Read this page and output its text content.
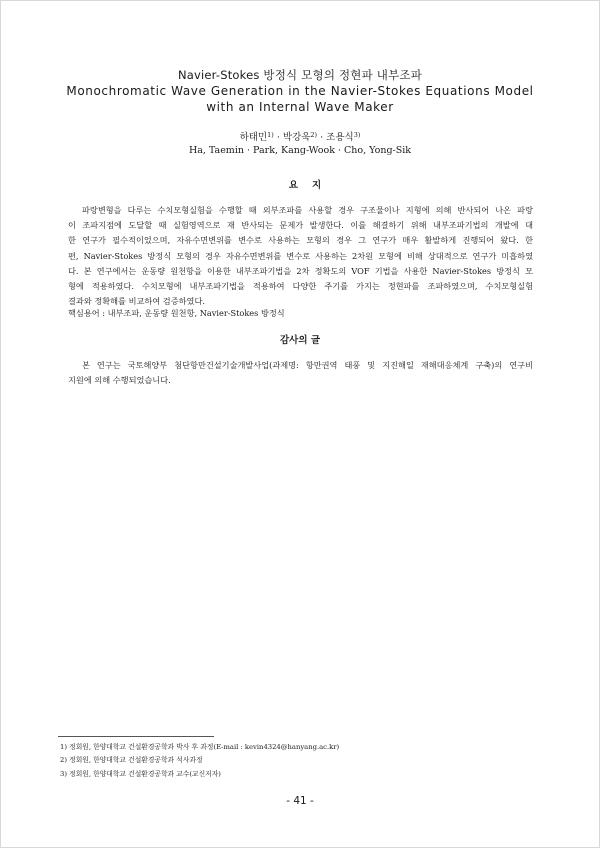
Navier-Stokes 방정식 모형의 정현파 내부조파
Monochromatic Wave Generation in the Navier-Stokes Equations Model
with an Internal Wave Maker
하태민$^{1)}$ · 박강욱$^{2)}$ · 조용식$^{3)}$
Ha, Taemin · Park, Kang-Wook · Cho, Yong-Sik
요지
파랑변형을 다루는 수치모형실험을 수행할 때 외부조파를 사용할 경우 구조물이나 지형에 의해 반사되어 나온 파랑
이 조파지점에 도달할 때 실험영역으로 재 반사되는 문제가 발생한다. 이를 해결하기 위해 내부조파기법의 개발에 대
한 연구가 필수적이었으며, 자유수면변위를 변수로 사용하는 모형의 경우 그 연구가 매우 활발하게 진행되어 왔다. 한
편, Navier-Stokes 방정식 모형의 경우 자유수면변위를 변수로 사용하는 2차원 모형에 비해 상대적으로 연구가 미흡하였
다. 본 연구에서는 운동량 원천항을 이용한 내부조파기법을 2차 정확도의 VOF 기법을 사용한 Navier-Stokes 방정식 모
형에 적용하였다. 수치모형에 내부조파기법을 적용하여 다양한 주기를 가지는 정현파를 조파하였으며, 수치모형실험
결과와 정확해를 비교하여 검증하였다.
핵심용어 : 내부조파, 운동량 원천항, Navier-Stokes 방정식
감사의 글
본 연구는 국토해양부 첨단항만건설기술개발사업(과제명: 항만권역 태풍 및 지진해일 재해대응체계 구축)의 연구비
지원에 의해 수행되었습니다.
1) 정회원, 한양대학교 건설환경공학과 박사 후 과정(E-mail : kevin4324@hanyang.ac.kr)
2) 정회원, 한양대학교 건설환경공학과 석사과정
3) 정회원, 한양대학교 건설환경공학과 교수(교신저자)
- 41 -
